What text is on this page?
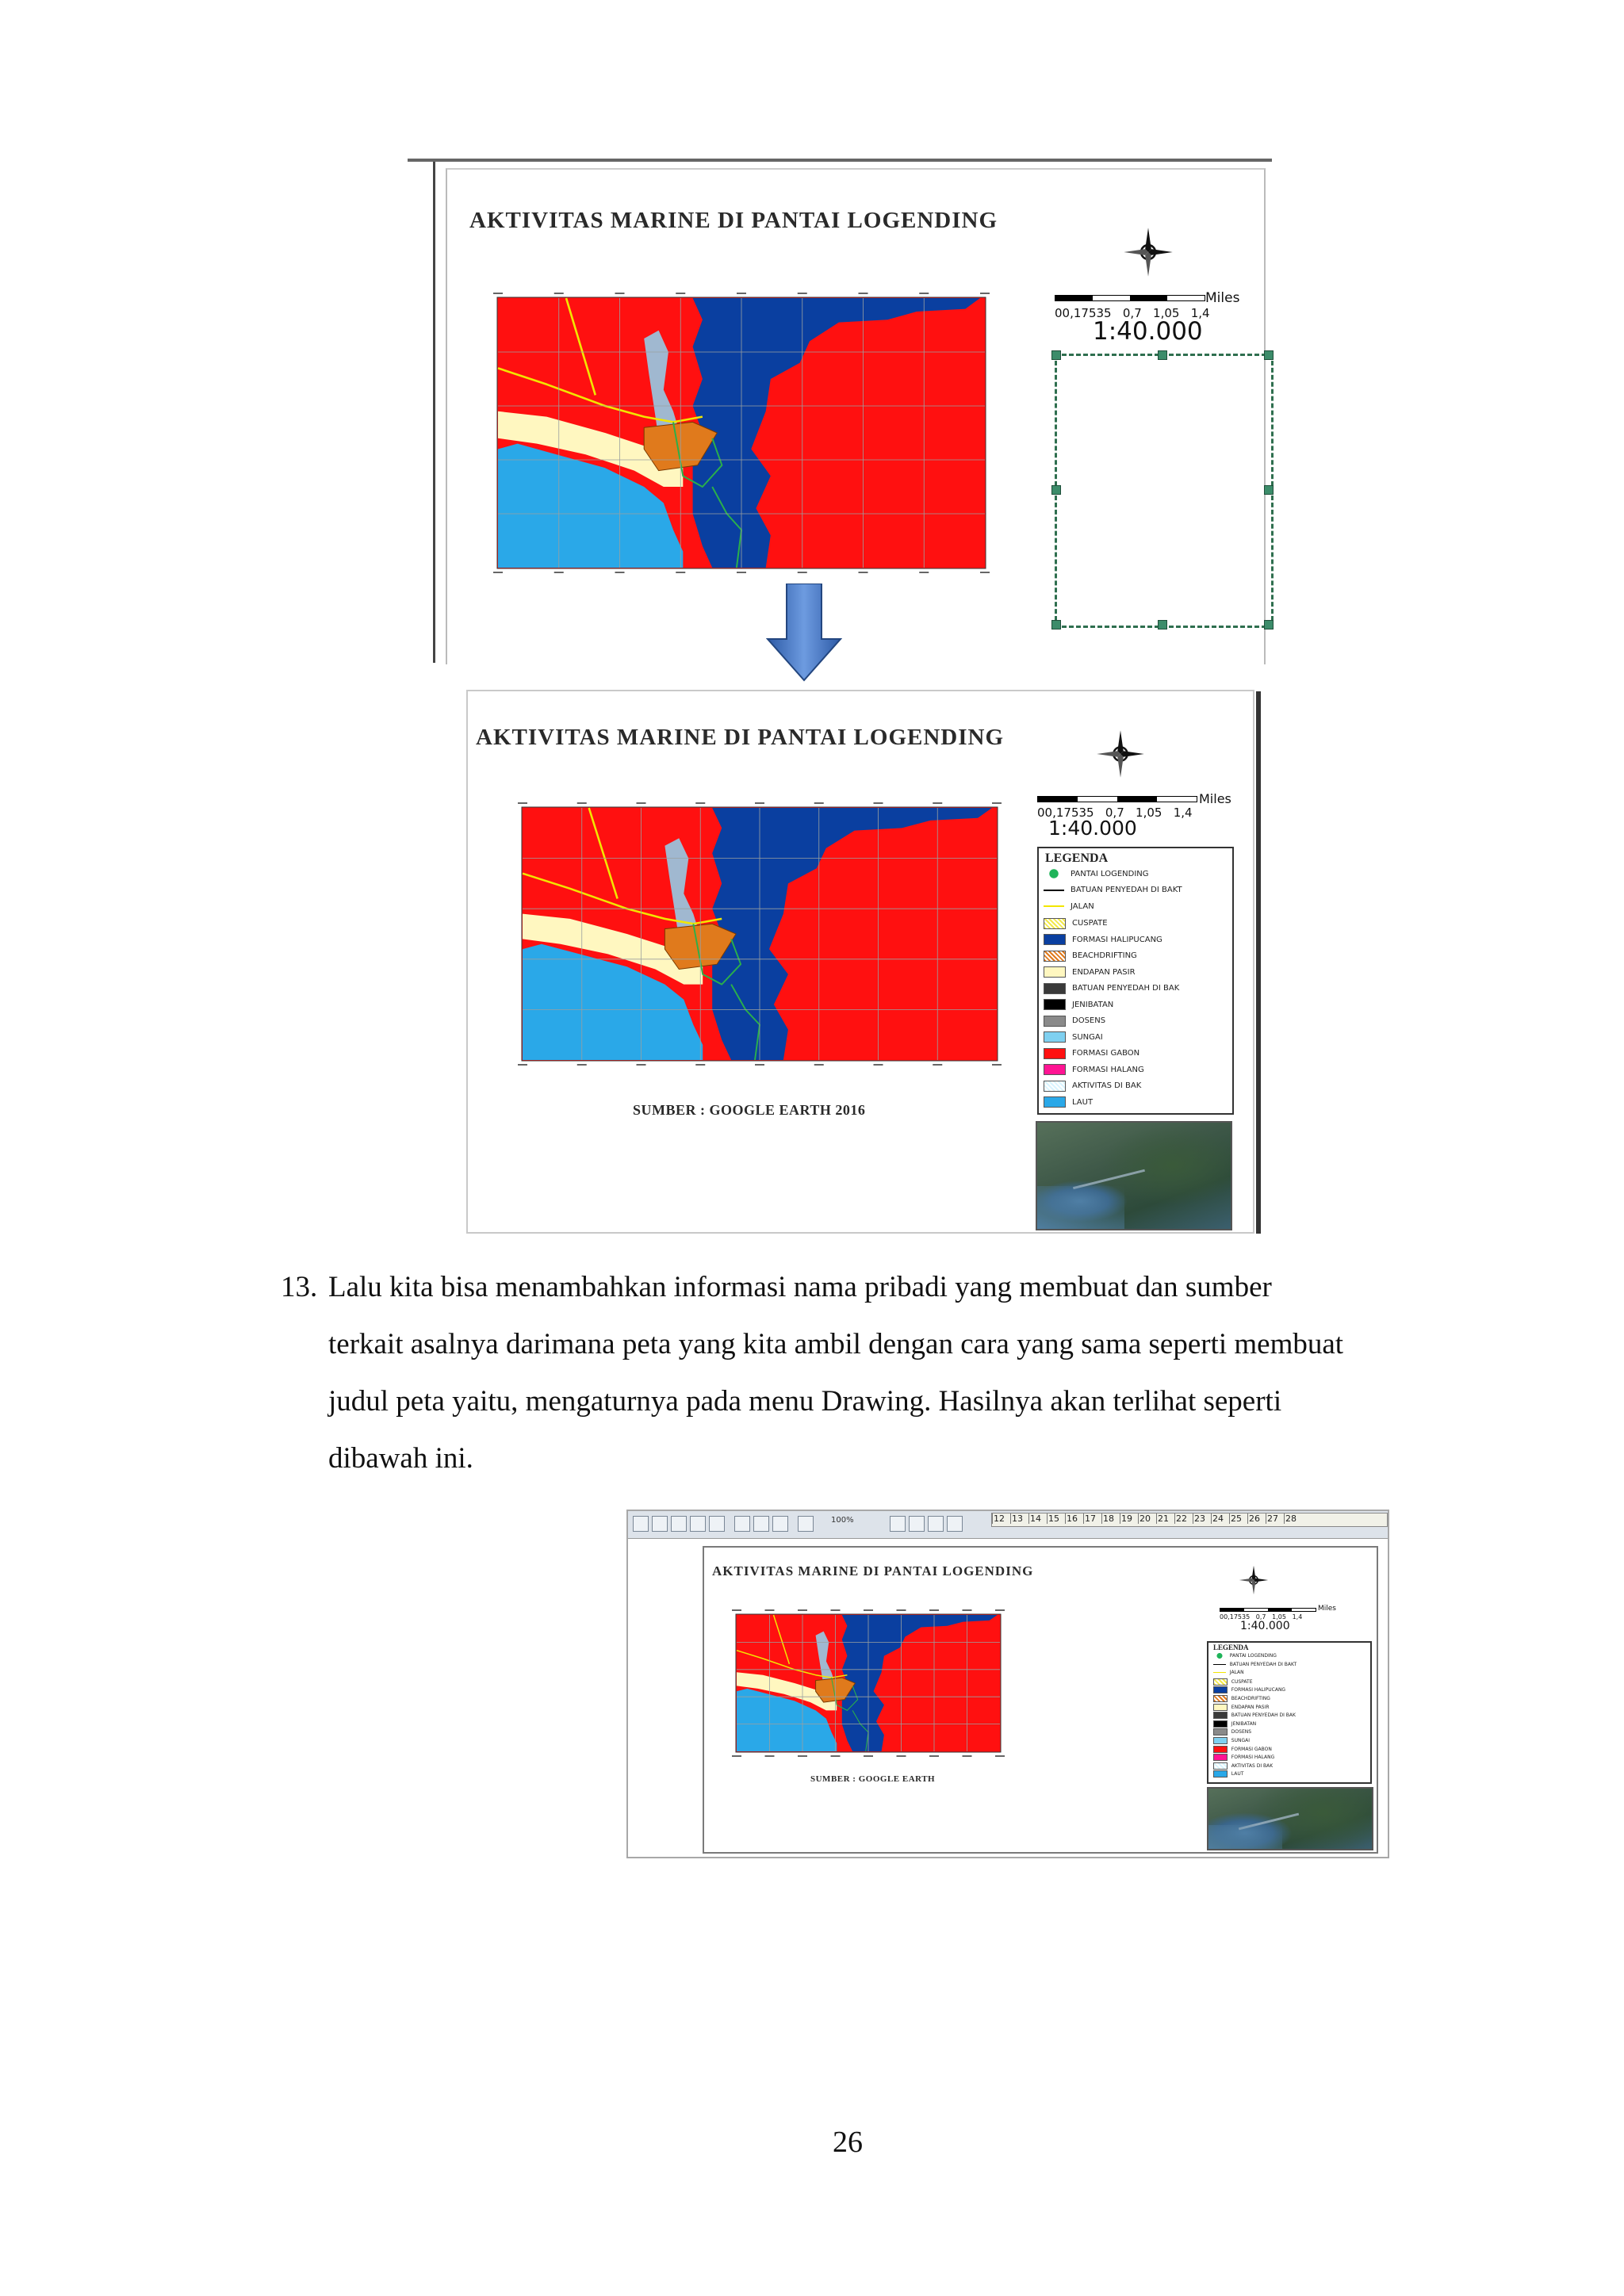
AKTIVITAS MARINE DI PANTAI LOGENDING
Miles
00,17535   0,7   1,05   1,4
1:40.000
AKTIVITAS MARINE DI PANTAI LOGENDING
Miles
00,17535   0,7   1,05   1,4
1:40.000
LEGENDA
PANTAI LOGENDING
BATUAN PENYEDAH DI BAKT
JALAN
CUSPATE
FORMASI HALIPUCANG
BEACHDRIFTING
ENDAPAN PASIR
BATUAN PENYEDAH DI BAK
JENIBATAN
DOSENS
SUNGAI
FORMASI GABON
FORMASI HALANG
AKTIVITAS DI BAK
LAUT
SUMBER : GOOGLE EARTH 2016
13. Lalu kita bisa menambahkan informasi nama pribadi yang membuat dan sumber
terkait asalnya darimana peta yang kita ambil dengan cara yang sama seperti membuat
judul peta yaitu, mengaturnya pada menu Drawing. Hasilnya akan terlihat seperti
dibawah ini.
100%	12 13 14 15 16 17 18 19 20 21 22 23 24 25 26 27 28
AKTIVITAS MARINE DI PANTAI LOGENDING
Miles
00,17535   0,7   1,05   1,4
1:40.000
LEGENDA
PANTAI LOGENDING
BATUAN PENYEDAH DI BAKT
JALAN
CUSPATE
FORMASI HALIPUCANG
BEACHDRIFTING
ENDAPAN PASIR
BATUAN PENYEDAH DI BAK
JENIBATAN
DOSENS
SUNGAI
FORMASI GABON
FORMASI HALANG
AKTIVITAS DI BAK
LAUT
SUMBER : GOOGLE EARTH
26
